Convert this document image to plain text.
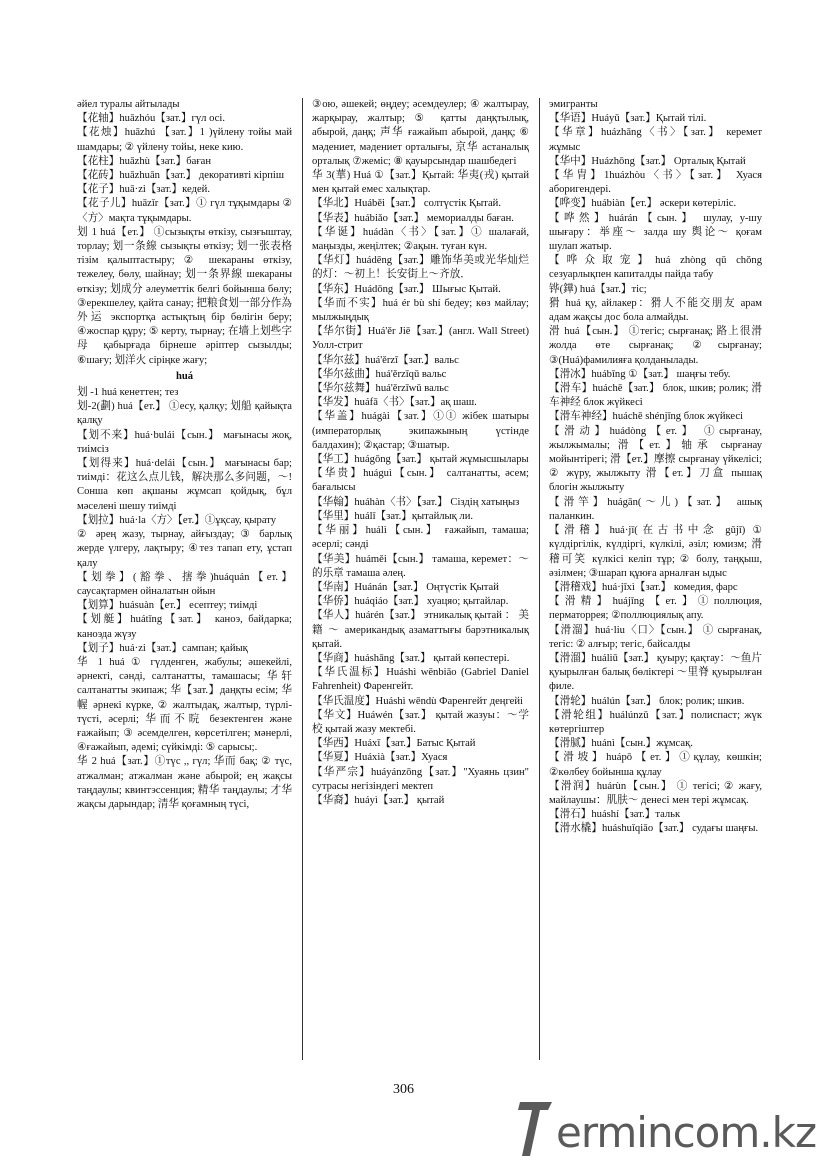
әйел туралы айтылады

【花轴】huāzhóu【зат.】гүл осі.

【花烛】huāzhú 【зат.】1 )үйлену тойы май шамдары; ② үйлену тойы, неке кию.

【花柱】huāzhù【зат.】баған

【花砖】huāzhuān【зат.】 декоративті кірпіш

【花子】huā·zi【зат.】кедей.

【花子儿】huāzǐr【зат.】① гүл тұқымдары ②〈方〉мақта тұқымдары.

划 1 huá【ет.】 ①сызықты өткізу, сызғыштау, торлау; 划一条線 сызықты өткізу; 划一张表格 тізім қалыптастыру; ② шекараны өткізу, тежелеу, бөлу, шайнау; 划一条界線 шекараны өткізу; 划成分 әлеуметтік белгі бойынша бөлу; ③ерекшелеу, қайта санау; 把粮食划一部分作為外运 экспортқа астықтың бір бөлігін беру; ④жоспар құру; ⑤ керту, тырнау; 在墙上划些字母 қабырғада бірнеше әріптер сызылды; ⑥шағу; 划洋火 сіріңке жағу;

huá

划 -1 huá кенеттен; тез

划-2(劃) huá【ет.】 ①есу, қалқу; 划船 қайықта қалқу

【划不来】huá·bulái【сын.】 мағынасы жоқ, тиімсіз

【划得来】huá·delái【сын.】 мағынасы бар; тиімді：花这么点儿钱，解决那么多问题，～! Сонша көп ақшаны жұмсап қойдық, бұл мәселені шешу тиімді

【划拉】huá·la〈方〉【ет.】①ұқсау, қырату

② әрең жазу, тырнау, айғыздау; ③ барлық жерде үлгеру, лақтыру; ④тез тапап ету, ұстап қалу

【划拳】(豁拳、搳拳)huáquán【ет.】саусақтармен ойналатын ойын

【划算】huásuàn【ет.】 есептеу; тиімді

【划艇】huátǐng【зат.】 каноэ, байдарка; каноэда жүзу

【划子】huá·zi【зат.】сампан; қайық

华 1 huá ① гүлденген, жабулы; әшекейлі, әрнекті, сәнді, салтанатты, тамашасы; 华轩 салтанатты экипаж; 华【зат.】даңқты есім; 华幄 әрнекі күрке, ② жалтыдақ, жалтыр, түрлі-түсті, әсерлі; 华而不晥 безектенген және ғажайып; ③ әсемделген, көрсетілген; мәнерлі, ④ғажайып, әдемі; сүйкімді: ⑤ сарысы;.

华 2 huá【зат.】①түс ,, гүл; 华而 бақ; ② түс, атжалман; атжалман және абырой; ең жақсы таңдаулы; квинтэссенция; 精华 таңдаулы; 才华 жақсы дарындар; 清华 қоғамның түсі,

③ою, әшекей; өңдеу; әсемдеулер; ④ жалтырау, жарқырау, жалтыр; ⑤ қатты даңқтылық, абырой, даңқ; 声华 ғажайып абырой, даңқ; ⑥ мәдениет, мәдениет орталығы, 京华 астаналық орталық ⑦жемiс; ⑧ қауырсындар шашбедегі

华 3(華) Huá ①【зат.】Қытай: 华夷(戎) қытай мен қытай емес халықтар.

【华北】Huáběi【зат.】 солтүстік Қытай.

【华表】huábiǎo【зат.】 мемориалды баған.

【华诞】huádàn〈书〉【зат.】① шалағай, маңызды, жеңілтек; ②ақын. туған күн.

【华灯】huádēng【зат.】雕饰华美或光华灿烂的灯：～初上！长安街上～齐放．

【华东】Huádōng【зат.】 Шығыс Қытай.

【华而不实】huá ér bù shí бедеу; көз майлау; мылжыңдық

【华尔街】Huá'ěr Jiē【зат.】(англ. Wall Street) Уолл-стрит

【华尔兹】huá'ěrzī【зат.】вальс

【华尔兹曲】huá'ěrzīqǔ вальс

【华尔兹舞】huá'ěrzīwǔ вальс

【华发】huáfā〈书〉【зат.】ақ шаш.

【华盖】huágài【зат.】①① жібек шатыры (императорлық экипажының үстінде балдахин); ②қастар; ③шатыр.

【华工】huágōng【зат.】 қытай жұмысшылары

【华贵】huáguì【сын.】 салтанатты, әсем; бағалысы

【华翰】huáhàn〈书〉【зат.】 Сіздің хатыңыз

【华里】huálǐ【зат.】қытайлық ли.

【华丽】huálì【сын.】 ғажайып, тамаша; әсерлі; сәнді

【华美】huáměi【сын.】 тамаша, керемет：～的乐章 тамаша әлең.

【华南】Huánán【зат.】 Оңтүстік Қытай

【华侨】huáqiáo【зат.】 хуацяо; қытайлар.

【华人】huárén【зат.】 этникалық қытай ： 美籍 ～ американдық азаматтығы барэтникалық қытай.

【华商】huáshāng【зат.】 қытай көпестері.

【华氏温标】Huáshì wēnbiāo (Gabriel Daniel Fahrenheit) Фаренгейт.

【华氏温度】Huáshì wēndù Фаренгейт деңгейі

【华文】Huáwén【зат.】 қытай жазуы：～学校 қытай жазу мектебі.

【华西】Huáxī【зат.】Батыс Қытай

【华夏】Huáxià【зат.】Хуася

【华严宗】huáyánzōng【зат.】"Хуаянь цзин" сутрасы негізіндегі мектеп

【华裔】huáyì【зат.】 қытай

эмигранты

【华语】Huáyǔ【зат.】Қытай тілі.

【华章】huázhāng〈书〉【зат.】 керемет жұмыс

【华中】Huázhōng【зат.】 Орталық Қытай

【华胄】1huázhòu〈书〉【зат.】 Хуася аборигендері.

【哗变】huábiàn【ет.】 әскери көтеріліс.

【哗然】huárán【сын.】 шулау, у-шу шығару：举座～ залда шу 舆论～ қоғам шулап жатыр.

【哗众取宠】huá zhòng qǔ chǒng сезуарлықпен капиталды пайда табу

铧(鏵) huá【зат.】тіс;

猾 huá қу, айлакер：猾人不能交朋友 арам адам жақсы дос бола алмайды.

滑 huá【сын.】 ①тегіс; сырғанақ; 路上很滑 жолда өте сырғанақ; ②сырғанау; ③(Huá)фамилияға қолданылады.

【滑冰】huábīng ①【зат.】 шаңғы тебу.

【滑车】huáchē【зат.】 блок, шкив; ролик; 滑车神经 блок жүйкесі

【滑车神经】huáchē shénjīng блок жүйкесі

【滑动】huádòng【ет.】 ①сырғанау, жылжымалы; 滑【ет.】轴承 сырғанау мойынтірегі; 滑【ет.】摩擦 сырғанау үйкелісі; ② жүру, жылжыту 滑【ет.】刀盒 пышақ блогін жылжыту

【滑竿】huágān(～儿)【зат.】 ашық паланкин.

【滑稽】huá·jī(在古书中念 gǔjī) ① күлдіргілік, күлдіргі, күлкілі, әзіл; юмизм; 滑稽可笑 күлкісі келіп тұр; ② болу, таңқыш, әзілмен; ③шарап құюға арналған ыдыс

【滑稽戏】huá·jīxì【зат.】 комедия, фарс

【滑精】huájīng【ет.】①поллюция, перматоррея; ②поллюциялық апу.

【滑溜】huá·liu〈口〉【сын.】 ① сырғанақ, тегіс: ② алғыр; тегіс, байсалды

【滑溜】huáliū【зат.】 қуыру; қақтау：～鱼片 қуырылған балық бөліктері ～里脊 қуырылған филе.

【滑轮】huálún【зат.】 блок; ролик; шкив.

【滑轮组】huálúnzǔ【зат.】полиспаст; жүк көтергіштер

【滑腻】huánì【сын.】жұмсақ.

【滑坡】huápō【ет.】①құлау, көшкін; ②көлбеу бойынша құлау

【滑润】huárùn【сын.】 ① тегісі; ② жағу, майлаушы：肌肤～ денесі мен тері жұмсақ.

【滑石】huáshí【зат.】тальк

【滑水橇】huáshuǐqiāo【зат.】 судағы шаңғы.

306
ermincom.kz
